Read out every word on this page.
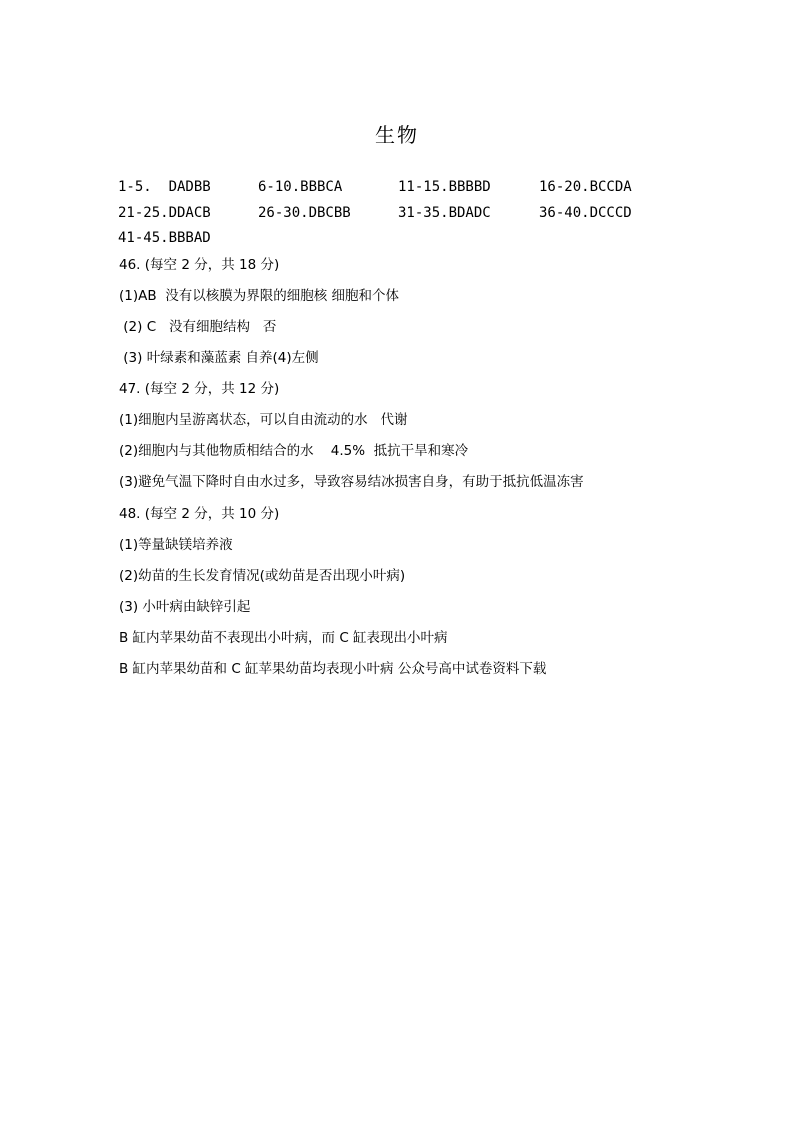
生物
1-5.  DADBB	6-10.BBBCA	11-15.BBBBD	16-20.BCCDA
21-25.DDACB	26-30.DBCBB	31-35.BDADC	36-40.DCCCD
41-45.BBBAD
46. (每空 2 分，共 18 分)
(1)AB  没有以核膜为界限的细胞核 细胞和个体
(2) C   没有细胞结构   否
(3) 叶绿素和藻蓝素 自养(4)左侧
47. (每空 2 分，共 12 分)
(1)细胞内呈游离状态，可以自由流动的水   代谢
(2)细胞内与其他物质相结合的水    4.5%  抵抗干旱和寒冷
(3)避免气温下降时自由水过多，导致容易结冰损害自身，有助于抵抗低温冻害
48. (每空 2 分，共 10 分)
(1)等量缺镁培养液
(2)幼苗的生长发育情况(或幼苗是否出现小叶病)
(3) 小叶病由缺锌引起
B 缸内苹果幼苗不表现出小叶病，而 C 缸表现出小叶病
B 缸内苹果幼苗和 C 缸苹果幼苗均表现小叶病 公众号高中试卷资料下载
